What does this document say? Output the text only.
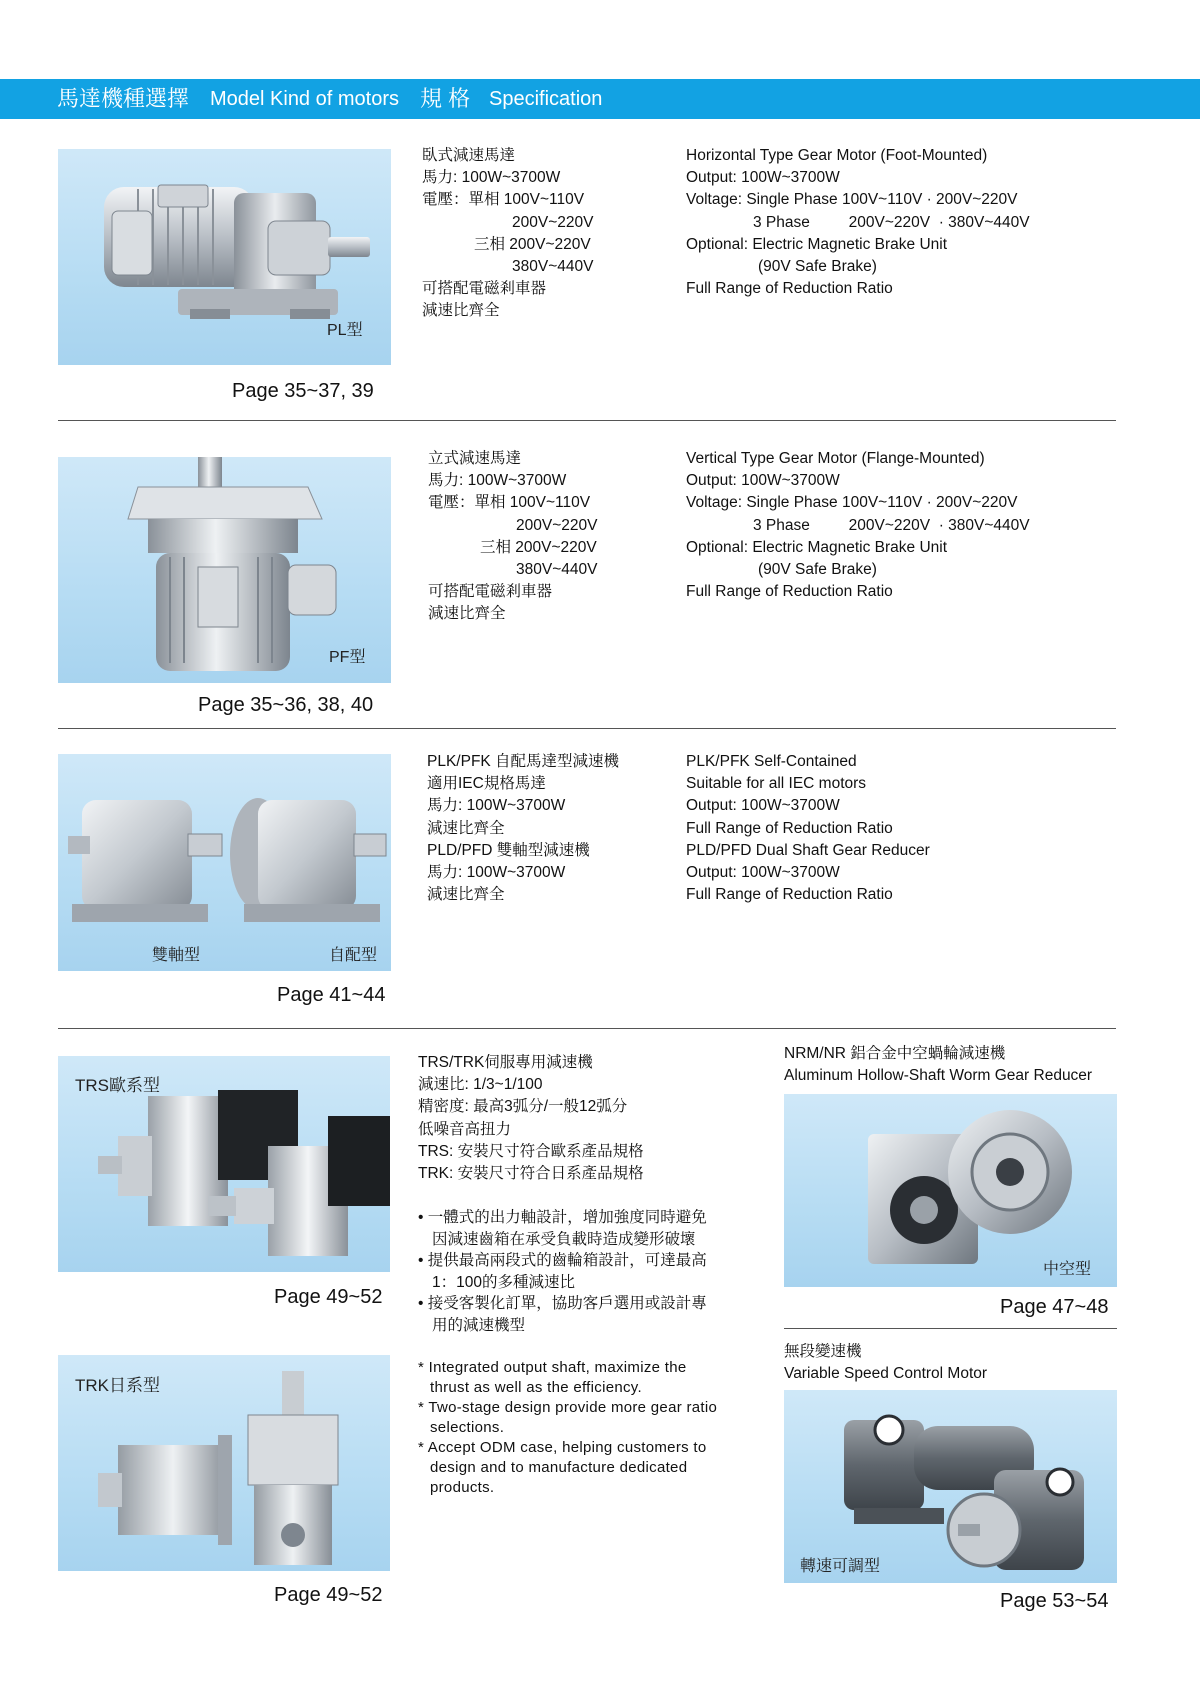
馬達機種選擇 Model Kind of motors 規 格 Specification
PL型
Page 35~37, 39
臥式減速馬達
馬力: 100W~3700W
電壓：單相 100V~110V
200V~220V
三相 200V~220V
380V~440V
可搭配電磁剎車器
減速比齊全
Horizontal Type Gear Motor (Foot-Mounted)
Output: 100W~3700W
Voltage: Single Phase 100V~110V · 200V~220V
3 Phase         200V~220V  · 380V~440V
Optional: Electric Magnetic Brake Unit
(90V Safe Brake)
Full Range of Reduction Ratio
PF型
Page 35~36, 38, 40
立式減速馬達
馬力: 100W~3700W
電壓：單相 100V~110V
200V~220V
三相 200V~220V
380V~440V
可搭配電磁剎車器
減速比齊全
Vertical Type Gear Motor (Flange-Mounted)
Output: 100W~3700W
Voltage: Single Phase 100V~110V · 200V~220V
3 Phase         200V~220V  · 380V~440V
Optional: Electric Magnetic Brake Unit
(90V Safe Brake)
Full Range of Reduction Ratio
雙軸型	自配型
Page 41~44
PLK/PFK 自配馬達型減速機
適用IEC規格馬達
馬力: 100W~3700W
減速比齊全
PLD/PFD 雙軸型減速機
馬力: 100W~3700W
減速比齊全
PLK/PFK Self-Contained
Suitable for all IEC motors
Output: 100W~3700W
Full Range of Reduction Ratio
PLD/PFD Dual Shaft Gear Reducer
Output: 100W~3700W
Full Range of Reduction Ratio
TRS歐系型
Page 49~52
TRK日系型
Page 49~52
TRS/TRK伺服專用減速機
減速比: 1/3~1/100
精密度: 最高3弧分/一般12弧分
低噪音高扭力
TRS: 安裝尺寸符合歐系產品規格
TRK: 安裝尺寸符合日系產品規格
• 一體式的出力軸設計，增加強度同時避免
因減速齒箱在承受負載時造成變形破壞
• 提供最高兩段式的齒輪箱設計，可達最高
1：100的多種減速比
• 接受客製化訂單，協助客戶選用或設計專
用的減速機型
* Integrated output shaft, maximize the
thrust as well as the efficiency.
* Two-stage design provide more gear ratio
selections.
* Accept ODM case, helping customers to
design and to manufacture dedicated
products.
NRM/NR 鋁合金中空蝸輪減速機
Aluminum Hollow-Shaft Worm Gear Reducer
中空型
Page 47~48
無段變速機
Variable Speed Control Motor
轉速可調型
Page 53~54
